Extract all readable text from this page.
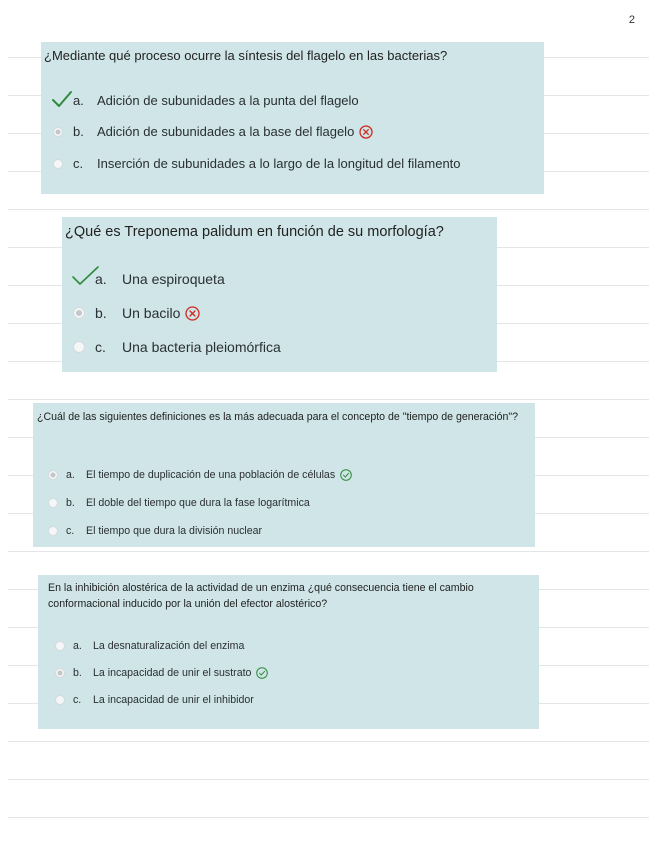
2
¿Mediante qué proceso ocurre la síntesis del flagelo en las bacterias?
a.	Adición de subunidades a la punta del flagelo
b.	Adición de subunidades a la base del flagelo
c.	Inserción de subunidades a lo largo de la longitud del filamento
¿Qué es Treponema palidum en función de su morfología?
a.	Una espiroqueta
b.	Un bacilo
c.	Una bacteria pleiomórfica
¿Cuál de las siguientes definiciones es la más adecuada para el concepto de "tiempo de generación"?
a.	El tiempo de duplicación de una población de células
b.	El doble del tiempo que dura la fase logarítmica
c.	El tiempo que dura la división nuclear
En la inhibición alostérica de la actividad de un enzima ¿qué consecuencia tiene el cambio conformacional inducido por la unión del efector alostérico?
a.	La desnaturalización del enzima
b.	La incapacidad de unir el sustrato
c.	La incapacidad de unir el inhibidor
